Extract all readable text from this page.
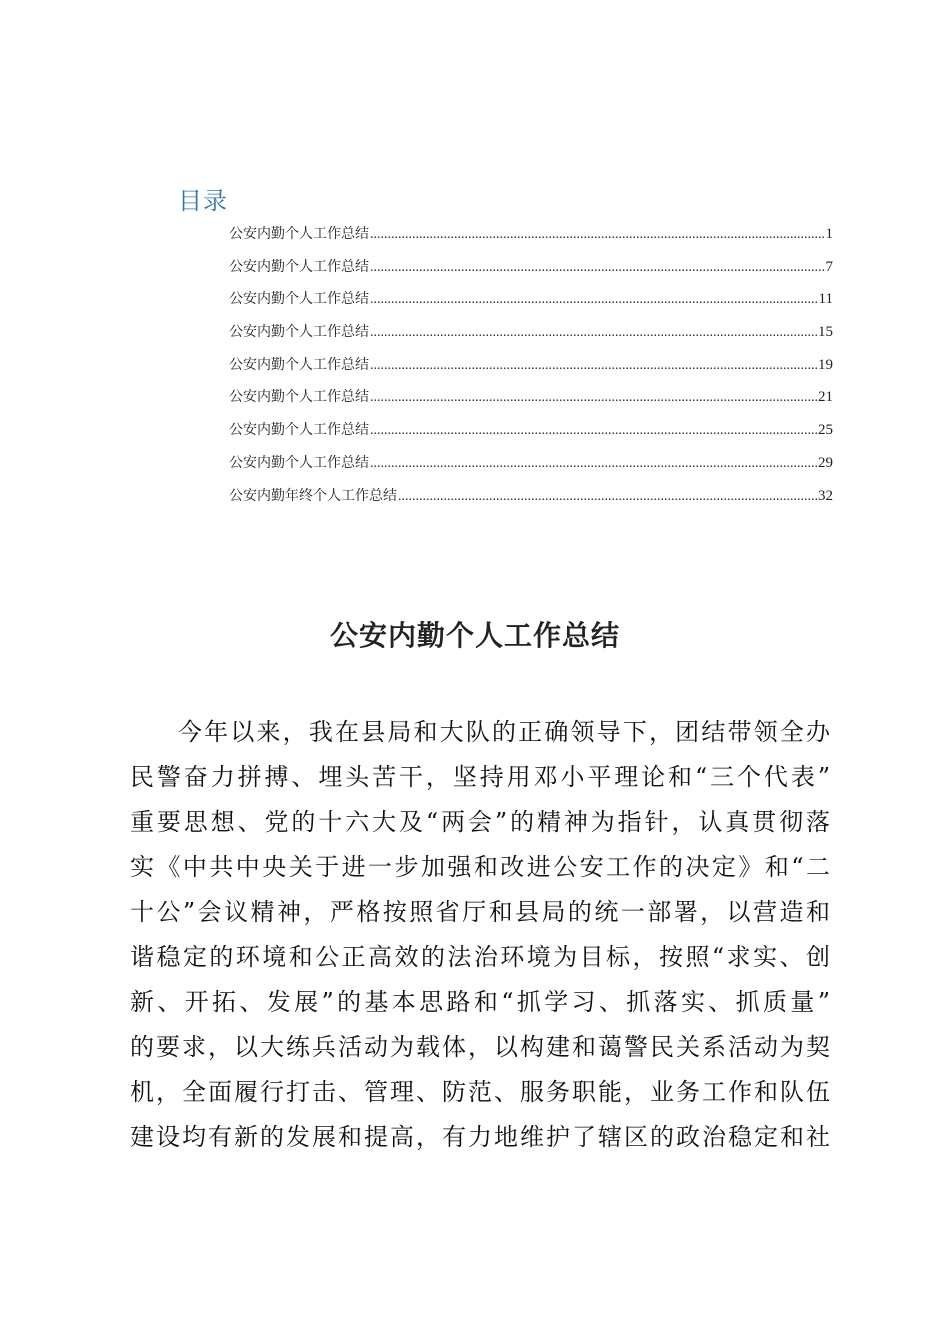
目录
公安内勤个人工作总结 .....	1
公安内勤个人工作总结 .....	7
公安内勤个人工作总结 .....	11
公安内勤个人工作总结 .....	15
公安内勤个人工作总结 .....	19
公安内勤个人工作总结 .....	21
公安内勤个人工作总结 .....	25
公安内勤个人工作总结 .....	29
公安内勤年终个人工作总结 .....	32
公安内勤个人工作总结
今年以来，我在县局和大队的正确领导下，团结带领全办
民警奋力拼搏、埋头苦干，坚持用邓小平理论和“三个代表”
重要思想、党的十六大及“两会”的精神为指针，认真贯彻落
实《中共中央关于进一步加强和改进公安工作的决定》和“二
十公”会议精神，严格按照省厅和县局的统一部署，以营造和
谐稳定的环境和公正高效的法治环境为目标，按照“求实、创
新、开拓、发展”的基本思路和“抓学习、抓落实、抓质量”
的要求，以大练兵活动为载体，以构建和蔼警民关系活动为契
机，全面履行打击、管理、防范、服务职能，业务工作和队伍
建设均有新的发展和提高，有力地维护了辖区的政治稳定和社
